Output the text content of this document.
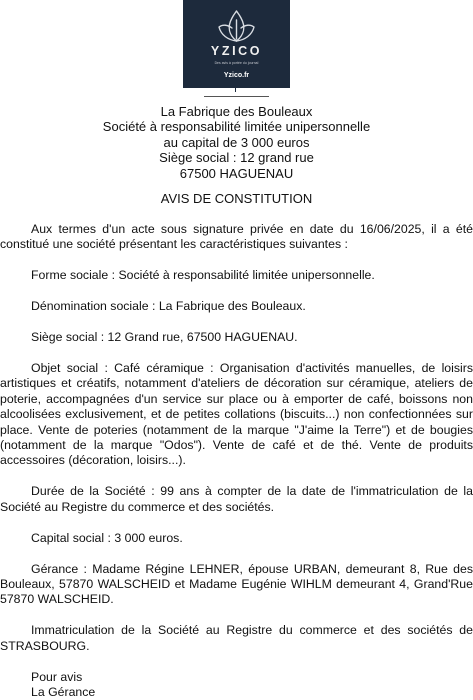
YZICO
Des avis à portée du journal
Yzico.fr
La Fabrique des Bouleaux
Société à responsabilité limitée unipersonnelle
au capital de 3 000 euros
Siège social : 12 grand rue
67500 HAGUENAU
AVIS DE CONSTITUTION

Aux termes d'un acte sous signature privée en date du 16/06/2025, il a été constitué une société présentant les caractéristiques suivantes :

Forme sociale : Société à responsabilité limitée unipersonnelle.

Dénomination sociale : La Fabrique des Bouleaux.

Siège social : 12 Grand rue, 67500 HAGUENAU.

Objet social : Café céramique : Organisation d'activités manuelles, de loisirs artistiques et créatifs, notamment d'ateliers de décoration sur céramique, ateliers de poterie, accompagnées d'un service sur place ou à emporter de café, boissons non alcoolisées exclusivement, et de petites collations (biscuits...) non confectionnées sur place. Vente de poteries (notamment de la marque "J'aime la Terre") et de bougies (notamment de la marque "Odos"). Vente de café et de thé. Vente de produits accessoires (décoration, loisirs...).

Durée de la Société : 99 ans à compter de la date de l'immatriculation de la Société au Registre du commerce et des sociétés.

Capital social : 3 000 euros.

Gérance : Madame Régine LEHNER, épouse URBAN, demeurant 8, Rue des Bouleaux, 57870 WALSCHEID et Madame Eugénie WIHLM demeurant 4, Grand'Rue 57870 WALSCHEID.

Immatriculation de la Société au Registre du commerce et des sociétés de STRASBOURG.

Pour avis
La Gérance
